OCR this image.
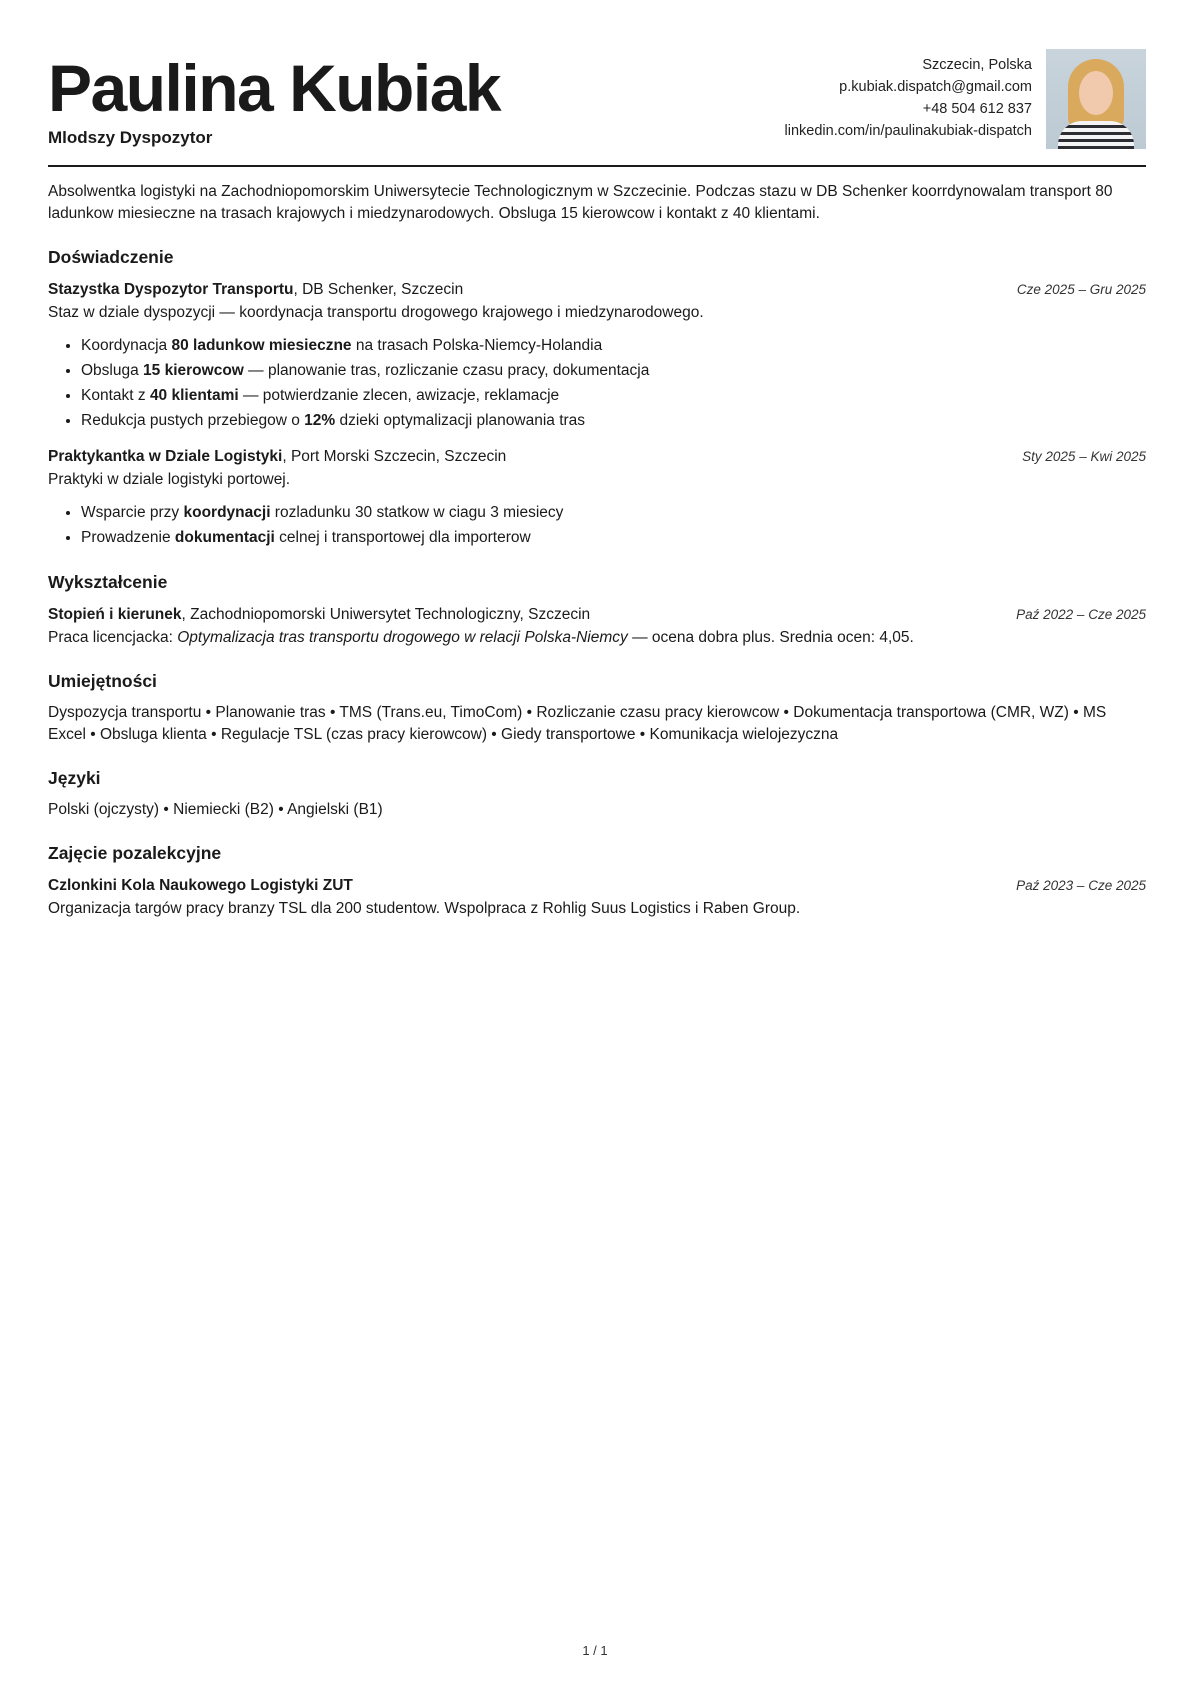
Paulina Kubiak
Mlodszy Dyspozytor
Szczecin, Polska
p.kubiak.dispatch@gmail.com
+48 504 612 837
linkedin.com/in/paulinakubiak-dispatch

Absolwentka logistyki na Zachodniopomorskim Uniwersytecie Technologicznym w Szczecinie. Podczas stazu w DB Schenker koorrdynowalam transport 80 ladunkow miesieczne na trasach krajowych i miedzynarodowych. Obsluga 15 kierowcow i kontakt z 40 klientami.

Doświadczenie
Stazystka Dyspozytor Transportu, DB Schenker, Szczecin	Cze 2025 – Gru 2025

Staz w dziale dyspozycji — koordynacja transportu drogowego krajowego i miedzynarodowego.

• Koordynacja 80 ladunkow miesieczne na trasach Polska-Niemcy-Holandia
• Obsluga 15 kierowcow — planowanie tras, rozliczanie czasu pracy, dokumentacja
• Kontakt z 40 klientami — potwierdzanie zlecen, awizacje, reklamacje
• Redukcja pustych przebiegow o 12% dzieki optymalizacji planowania tras
Praktykantka w Dziale Logistyki, Port Morski Szczecin, Szczecin	Sty 2025 – Kwi 2025

Praktyki w dziale logistyki portowej.

• Wsparcie przy koordynacji rozladunku 30 statkow w ciagu 3 miesiecy
• Prowadzenie dokumentacji celnej i transportowej dla importerow
Wykształcenie
Stopień i kierunek, Zachodniopomorski Uniwersytet Technologiczny, Szczecin	Paź 2022 – Cze 2025

Praca licencjacka: Optymalizacja tras transportu drogowego w relacji Polska-Niemcy — ocena dobra plus. Srednia ocen: 4,05.

Umiejętności
Dyspozycja transportu • Planowanie tras • TMS (Trans.eu, TimoCom) • Rozliczanie czasu pracy kierowcow • Dokumentacja transportowa (CMR, WZ) • MS Excel • Obsluga klienta • Regulacje TSL (czas pracy kierowcow) • Giedy transportowe • Komunikacja wielojezyczna
Języki
Polski (ojczysty) • Niemiecki (B2) • Angielski (B1)
Zajęcie pozalekcyjne
Czlonkini Kola Naukowego Logistyki ZUT	Paź 2023 – Cze 2025

Organizacja targów pracy branzy TSL dla 200 studentow. Wspolpraca z Rohlig Suus Logistics i Raben Group.

1 / 1
